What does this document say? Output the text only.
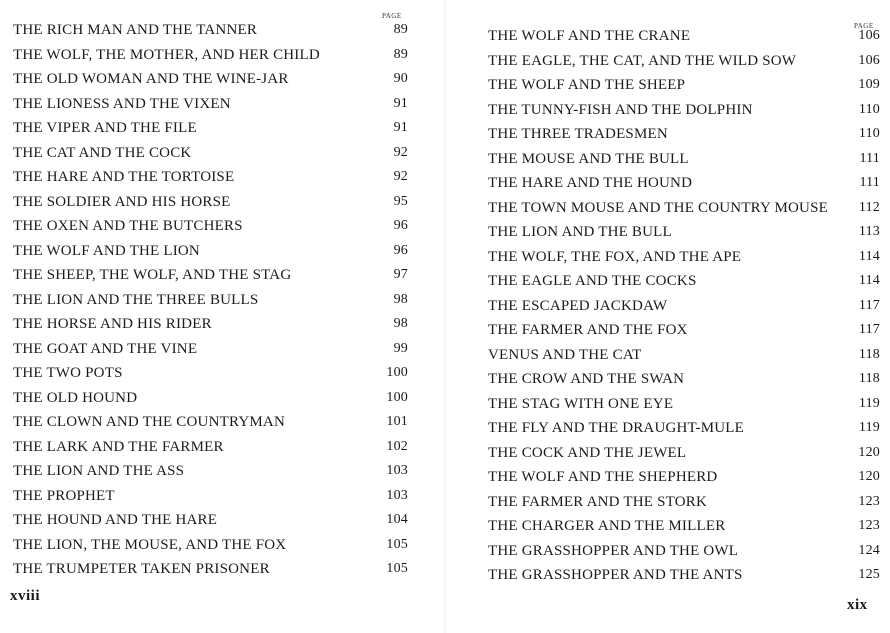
PAGE
THE RICH MAN AND THE TANNER	89
THE WOLF, THE MOTHER, AND HER CHILD	89
THE OLD WOMAN AND THE WINE-JAR	90
THE LIONESS AND THE VIXEN	91
THE VIPER AND THE FILE	91
THE CAT AND THE COCK	92
THE HARE AND THE TORTOISE	92
THE SOLDIER AND HIS HORSE	95
THE OXEN AND THE BUTCHERS	96
THE WOLF AND THE LION	96
THE SHEEP, THE WOLF, AND THE STAG	97
THE LION AND THE THREE BULLS	98
THE HORSE AND HIS RIDER	98
THE GOAT AND THE VINE	99
THE TWO POTS	100
THE OLD HOUND	100
THE CLOWN AND THE COUNTRYMAN	101
THE LARK AND THE FARMER	102
THE LION AND THE ASS	103
THE PROPHET	103
THE HOUND AND THE HARE	104
THE LION, THE MOUSE, AND THE FOX	105
THE TRUMPETER TAKEN PRISONER	105
xviii
PAGE
THE WOLF AND THE CRANE	106
THE EAGLE, THE CAT, AND THE WILD SOW	106
THE WOLF AND THE SHEEP	109
THE TUNNY-FISH AND THE DOLPHIN	110
THE THREE TRADESMEN	110
THE MOUSE AND THE BULL	111
THE HARE AND THE HOUND	111
THE TOWN MOUSE AND THE COUNTRY MOUSE	112
THE LION AND THE BULL	113
THE WOLF, THE FOX, AND THE APE	114
THE EAGLE AND THE COCKS	114
THE ESCAPED JACKDAW	117
THE FARMER AND THE FOX	117
VENUS AND THE CAT	118
THE CROW AND THE SWAN	118
THE STAG WITH ONE EYE	119
THE FLY AND THE DRAUGHT-MULE	119
THE COCK AND THE JEWEL	120
THE WOLF AND THE SHEPHERD	120
THE FARMER AND THE STORK	123
THE CHARGER AND THE MILLER	123
THE GRASSHOPPER AND THE OWL	124
THE GRASSHOPPER AND THE ANTS	125
xix
